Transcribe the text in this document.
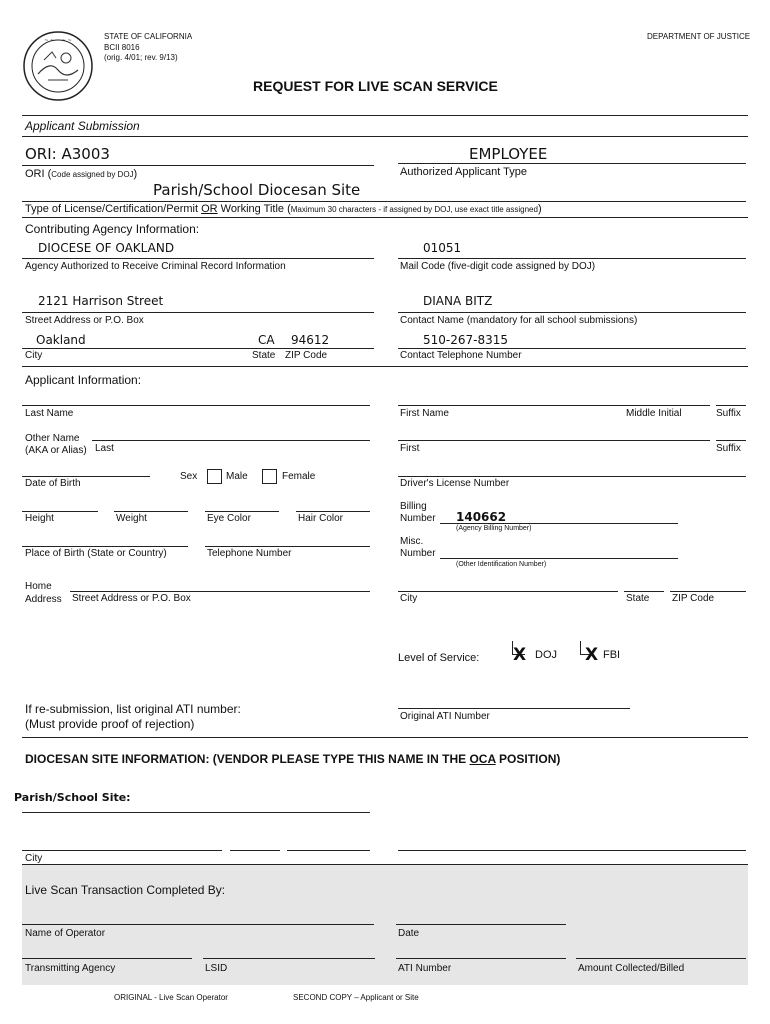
~ ~ ~ ~ ~	STATE OF CALIFORNIA
BCII 8016
(orig. 4/01; rev. 9/13)
DEPARTMENT OF JUSTICE
REQUEST FOR LIVE SCAN SERVICE
Applicant Submission
ORI: A3003
ORI (Code assigned by DOJ)
EMPLOYEE
Authorized Applicant Type
Parish/School Diocesan Site
Type of License/Certification/Permit OR Working Title (Maximum 30 characters - if assigned by DOJ, use exact title assigned)
Contributing Agency Information:
DIOCESE OF OAKLAND
Agency Authorized to Receive Criminal Record Information
01051
Mail Code (five-digit code assigned by DOJ)
2121 Harrison Street
Street Address or P.O. Box
DIANA BITZ
Contact Name (mandatory for all school submissions)
Oakland	CA 94612
City	State ZIP Code
510-267-8315
Contact Telephone Number
Applicant Information:
Last Name	First Name	Middle Initial	Suffix
Other Name
(AKA or Alias) Last	First	Suffix
Date of Birth
Sex	Male	Female
Driver's License Number
Height	Weight	Eye Color	Hair Color
Billing
Number 140662
(Agency Billing Number)
Place of Birth (State or Country)	Telephone Number
Misc.
Number
(Other Identification Number)
Home
Address Street Address or P.O. Box	City	State ZIP Code
Level of Service: X DOJ X FBI
If re-submission, list original ATI number:
(Must provide proof of rejection)
Original ATI Number
DIOCESAN SITE INFORMATION: (VENDOR PLEASE TYPE THIS NAME IN THE OCA POSITION)
Parish/School Site:
City
Live Scan Transaction Completed By:
Name of Operator	Date
Transmitting Agency	LSID	ATI Number	Amount Collected/Billed
ORIGINAL - Live Scan Operator	SECOND COPY – Applicant or Site
